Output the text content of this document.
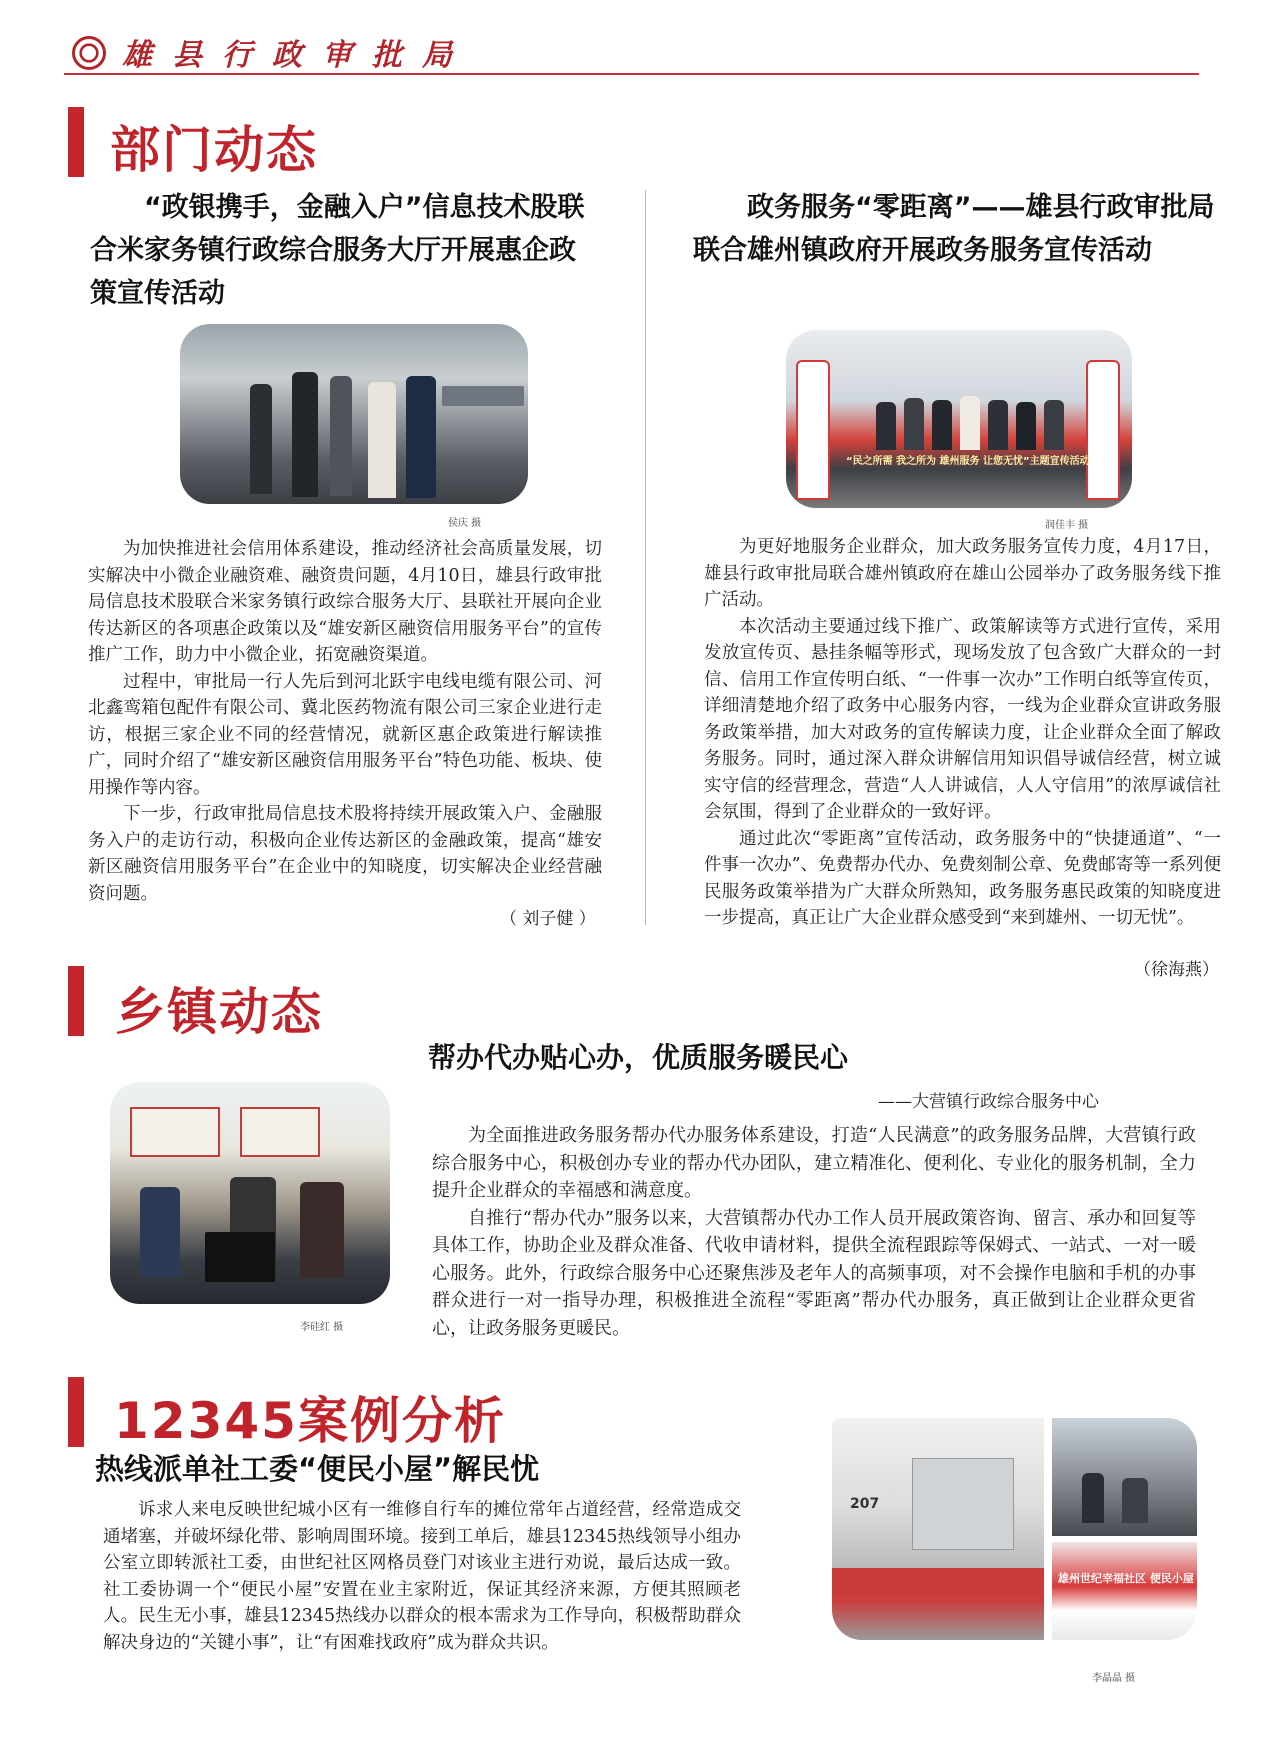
雄县行政审批局
部门动态
“政银携手，金融入户”信息技术股联合米家务镇行政综合服务大厅开展惠企政策宣传活动
侯庆 摄

为加快推进社会信用体系建设，推动经济社会高质量发展，切实解决中小微企业融资难、融资贵问题，4月10日，雄县行政审批局信息技术股联合米家务镇行政综合服务大厅、县联社开展向企业传达新区的各项惠企政策以及“雄安新区融资信用服务平台”的宣传推广工作，助力中小微企业，拓宽融资渠道。

过程中，审批局一行人先后到河北跃宇电线电缆有限公司、河北鑫鸾箱包配件有限公司、冀北医药物流有限公司三家企业进行走访，根据三家企业不同的经营情况，就新区惠企政策进行解读推广，同时介绍了“雄安新区融资信用服务平台”特色功能、板块、使用操作等内容。

下一步，行政审批局信息技术股将持续开展政策入户、金融服务入户的走访行动，积极向企业传达新区的金融政策，提高“雄安新区融资信用服务平台”在企业中的知晓度，切实解决企业经营融资问题。

（ 刘子健 ）
政务服务“零距离”——雄县行政审批局联合雄州镇政府开展政务服务宣传活动
“民之所需 我之所为 雄州服务 让您无忧”主题宣传活动
润佳丰 摄

为更好地服务企业群众，加大政务服务宣传力度，4月17日，雄县行政审批局联合雄州镇政府在雄山公园举办了政务服务线下推广活动。

本次活动主要通过线下推广、政策解读等方式进行宣传，采用发放宣传页、悬挂条幅等形式，现场发放了包含致广大群众的一封信、信用工作宣传明白纸、“一件事一次办”工作明白纸等宣传页，详细清楚地介绍了政务中心服务内容，一线为企业群众宣讲政务服务政策举措，加大对政务的宣传解读力度，让企业群众全面了解政务服务。同时，通过深入群众讲解信用知识倡导诚信经营，树立诚实守信的经营理念，营造“人人讲诚信，人人守信用”的浓厚诚信社会氛围，得到了企业群众的一致好评。

通过此次“零距离”宣传活动，政务服务中的“快捷通道”、“一件事一次办”、免费帮办代办、免费刻制公章、免费邮寄等一系列便民服务政策举措为广大群众所熟知，政务服务惠民政策的知晓度进一步提高，真正让广大企业群众感受到“来到雄州、一切无忧”。

（徐海燕）
乡镇动态
帮办代办贴心办，优质服务暖民心
——大营镇行政综合服务中心
李硅红 摄

为全面推进政务服务帮办代办服务体系建设，打造“人民满意”的政务服务品牌，大营镇行政综合服务中心，积极创办专业的帮办代办团队，建立精准化、便利化、专业化的服务机制，全力提升企业群众的幸福感和满意度。

自推行“帮办代办”服务以来，大营镇帮办代办工作人员开展政策咨询、留言、承办和回复等具体工作，协助企业及群众准备、代收申请材料，提供全流程跟踪等保姆式、一站式、一对一暖心服务。此外，行政综合服务中心还聚焦涉及老年人的高频事项，对不会操作电脑和手机的办事群众进行一对一指导办理，积极推进全流程“零距离”帮办代办服务，真正做到让企业群众更省心，让政务服务更暖民。

12345案例分析
热线派单社工委“便民小屋”解民忧

诉求人来电反映世纪城小区有一维修自行车的摊位常年占道经营，经常造成交通堵塞，并破坏绿化带、影响周围环境。接到工单后，雄县12345热线领导小组办公室立即转派社工委，由世纪社区网格员登门对该业主进行劝说，最后达成一致。社工委协调一个“便民小屋”安置在业主家附近，保证其经济来源，方便其照顾老人。民生无小事，雄县12345热线办以群众的根本需求为工作导向，积极帮助群众解决身边的“关键小事”，让“有困难找政府”成为群众共识。

207
雄州世纪幸福社区 便民小屋
李晶晶 摄
